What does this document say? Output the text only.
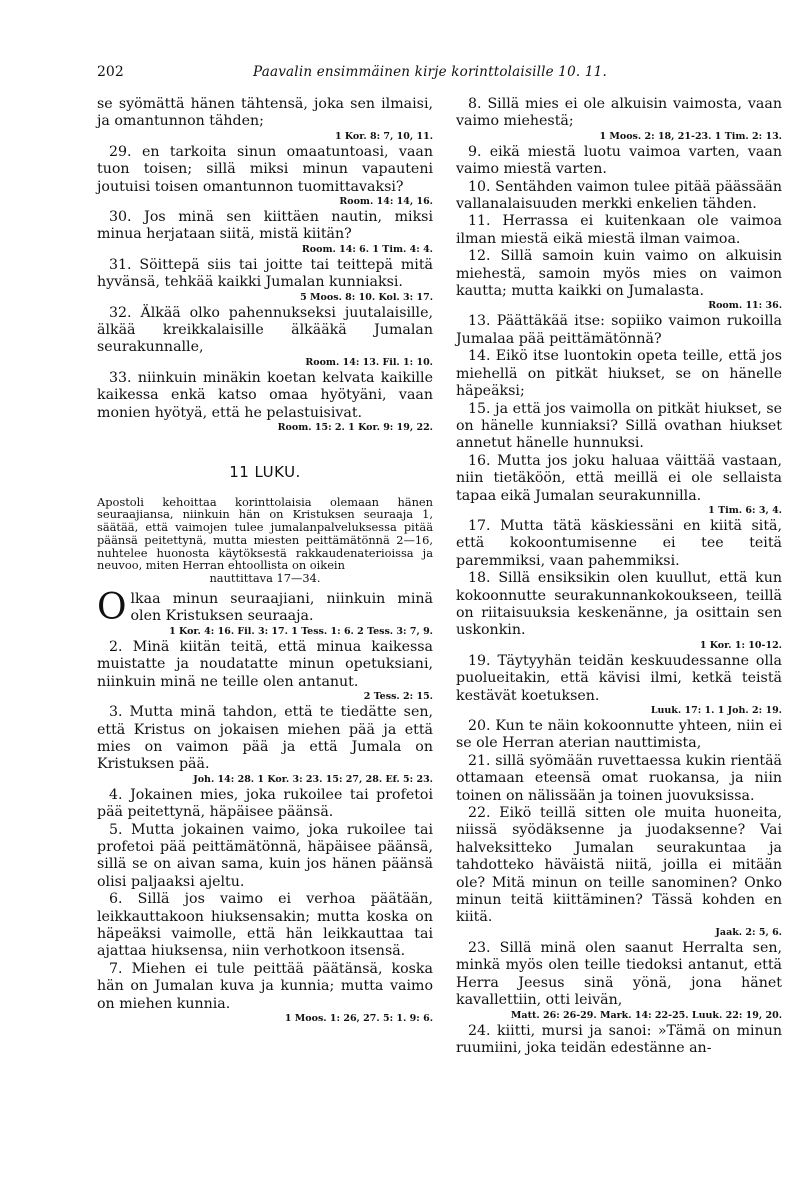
202	Paavalin ensimmäinen kirje korinttolaisille 10. 11.

se syömättä hänen tähtensä, joka sen ilmaisi, ja omantunnon tähden;

1 Kor. 8: 7, 10, 11.

29. en tarkoita sinun omaatuntoasi, vaan tuon toisen; sillä miksi minun vapauteni joutuisi toisen omantunnon tuomittavaksi?

Room. 14: 14, 16.

30. Jos minä sen kiittäen nautin, miksi minua herjataan siitä, mistä kiitän?

Room. 14: 6. 1 Tim. 4: 4.

31. Söittepä siis tai joitte tai teittepä mitä hyvänsä, tehkää kaikki Jumalan kunniaksi.

5 Moos. 8: 10. Kol. 3: 17.

32. Älkää olko pahennukseksi juutalaisille, älkää kreikkalaisille älkääkä Jumalan seurakunnalle,

Room. 14: 13. Fil. 1: 10.

33. niinkuin minäkin koetan kelvata kaikille kaikessa enkä katso omaa hyötyäni, vaan monien hyötyä, että he pelastuisivat.

Room. 15: 2. 1 Kor. 9: 19, 22.
11 LUKU.
Apostoli kehoittaa korinttolaisia olemaan hänen seuraajiansa, niinkuin hän on Kristuksen seuraaja 1, säätää, että vaimojen tulee jumalanpalveluksessa pitää päänsä peitettynä, mutta miesten peittämätönnä 2—16, nuhtelee huonosta käytöksestä rakkaudenaterioissa ja neuvoo, miten Herran ehtoollista on oikein
nauttittava 17—34.
O lkaa minun seuraajiani, niinkuin minä olen Kristuksen seuraaja.

1 Kor. 4: 16. Fil. 3: 17. 1 Tess. 1: 6. 2 Tess. 3: 7, 9.

2. Minä kiitän teitä, että minua kaikessa muistatte ja noudatatte minun opetuksiani, niinkuin minä ne teille olen antanut.

2 Tess. 2: 15.

3. Mutta minä tahdon, että te tiedätte sen, että Kristus on jokaisen miehen pää ja että mies on vaimon pää ja että Jumala on Kristuksen pää.

Joh. 14: 28. 1 Kor. 3: 23. 15: 27, 28. Ef. 5: 23.

4. Jokainen mies, joka rukoilee tai profetoi pää peitettynä, häpäisee päänsä.

5. Mutta jokainen vaimo, joka rukoilee tai profetoi pää peittämätönnä, häpäisee päänsä, sillä se on aivan sama, kuin jos hänen päänsä olisi paljaaksi ajeltu.

6. Sillä jos vaimo ei verhoa päätään, leikkauttakoon hiuksensakin; mutta koska on häpeäksi vaimolle, että hän leikkauttaa tai ajattaa hiuksensa, niin verhotkoon itsensä.

7. Miehen ei tule peittää päätänsä, koska hän on Jumalan kuva ja kunnia; mutta vaimo on miehen kunnia.

1 Moos. 1: 26, 27. 5: 1. 9: 6.

8. Sillä mies ei ole alkuisin vaimosta, vaan vaimo miehestä;

1 Moos. 2: 18, 21-23. 1 Tim. 2: 13.

9. eikä miestä luotu vaimoa varten, vaan vaimo miestä varten.

10. Sentähden vaimon tulee pitää päässään vallanalaisuuden merkki enkelien tähden.

11. Herrassa ei kuitenkaan ole vaimoa ilman miestä eikä miestä ilman vaimoa.

12. Sillä samoin kuin vaimo on alkuisin miehestä, samoin myös mies on vaimon kautta; mutta kaikki on Jumalasta.

Room. 11: 36.

13. Päättäkää itse: sopiiko vaimon rukoilla Jumalaa pää peittämätönnä?

14. Eikö itse luontokin opeta teille, että jos miehellä on pitkät hiukset, se on hänelle häpeäksi;

15. ja että jos vaimolla on pitkät hiukset, se on hänelle kunniaksi? Sillä ovathan hiukset annetut hänelle hunnuksi.

16. Mutta jos joku haluaa väittää vastaan, niin tietäköön, että meillä ei ole sellaista tapaa eikä Jumalan seurakunnilla.

1 Tim. 6: 3, 4.

17. Mutta tätä käskiessäni en kiitä sitä, että kokoontumisenne ei tee teitä paremmiksi, vaan pahemmiksi.

18. Sillä ensiksikin olen kuullut, että kun kokoonnutte seurakunnankokoukseen, teillä on riitaisuuksia keskenänne, ja osittain sen uskonkin.

1 Kor. 1: 10-12.

19. Täytyyhän teidän keskuudessanne olla puolueitakin, että kävisi ilmi, ketkä teistä kestävät koetuksen.

Luuk. 17: 1. 1 Joh. 2: 19.

20. Kun te näin kokoonnutte yhteen, niin ei se ole Herran aterian nauttimista,

21. sillä syömään ruvettaessa kukin rientää ottamaan eteensä omat ruokansa, ja niin toinen on nälissään ja toinen juovuksissa.

22. Eikö teillä sitten ole muita huoneita, niissä syödäksenne ja juodaksenne? Vai halveksitteko Jumalan seurakuntaa ja tahdotteko häväistä niitä, joilla ei mitään ole? Mitä minun on teille sanominen? Onko minun teitä kiittäminen? Tässä kohden en kiitä.

Jaak. 2: 5, 6.

23. Sillä minä olen saanut Herralta sen, minkä myös olen teille tiedoksi antanut, että Herra Jeesus sinä yönä, jona hänet kavallettiin, otti leivän,

Matt. 26: 26-29. Mark. 14: 22-25. Luuk. 22: 19, 20.

24. kiitti, mursi ja sanoi: »Tämä on minun ruumiini, joka teidän edestänne an-
